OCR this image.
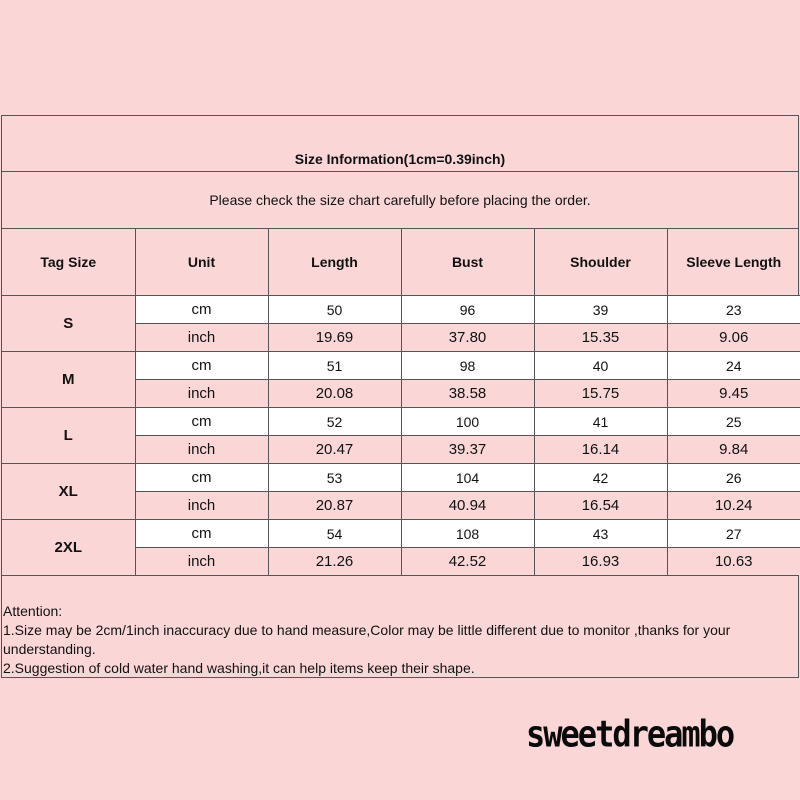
Size Information(1cm=0.39inch)
Please check the size chart carefully before placing the order.
Tag Size	Unit	Length	Bust	Shoulder	Sleeve Length
S	cm	50	96	39	23
	inch	19.69	37.80	15.35	9.06
M	cm	51	98	40	24
	inch	20.08	38.58	15.75	9.45
L	cm	52	100	41	25
	inch	20.47	39.37	16.14	9.84
XL	cm	53	104	42	26
	inch	20.87	40.94	16.54	10.24
2XL	cm	54	108	43	27
	inch	21.26	42.52	16.93	10.63
Attention:
1.Size may be 2cm/1inch inaccuracy due to hand measure,Color may be little different due to monitor ,thanks for your understanding.
2.Suggestion of cold water hand washing,it can help items keep their shape.
sweetdreambo
